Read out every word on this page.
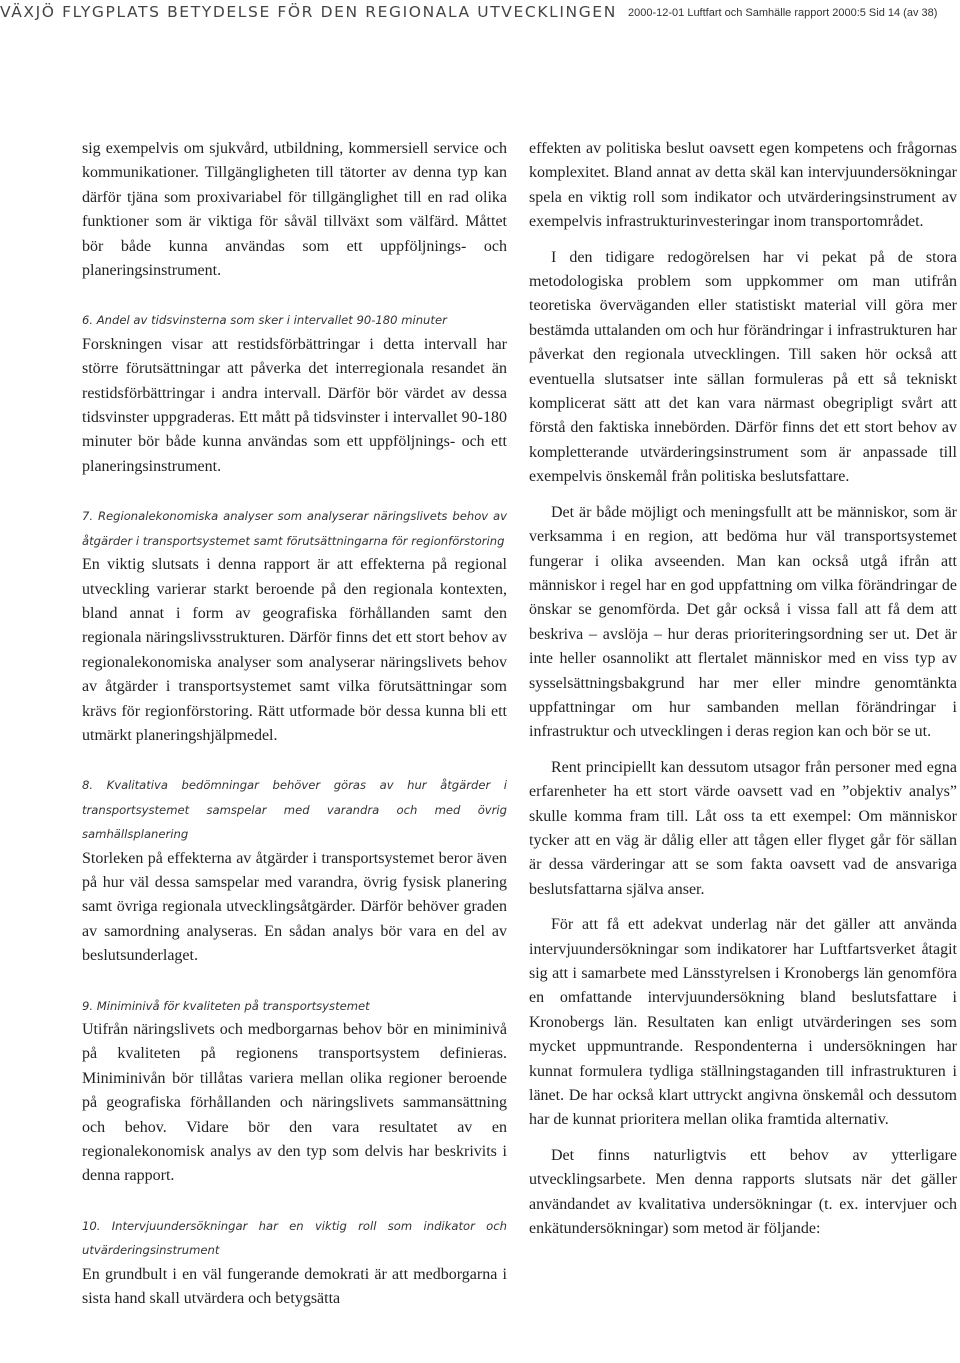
VÄXJÖ FLYGPLATS BETYDELSE FÖR DEN REGIONALA UTVECKLINGEN 2000-12-01 Luftfart och Samhälle rapport 2000:5 Sid 14 (av 38)

sig exempelvis om sjukvård, utbildning, kommersiell service och kommunikationer. Tillgängligheten till tätorter av denna typ kan därför tjäna som proxivariabel för tillgänglighet till en rad olika funktioner som är viktiga för såväl tillväxt som välfärd. Måttet bör både kunna användas som ett uppföljnings- och planeringsinstrument.

6. Andel av tidsvinsterna som sker i intervallet 90-180 minuter

Forskningen visar att restidsförbättringar i detta intervall har större förutsättningar att påverka det interregionala resandet än restidsförbättringar i andra intervall. Därför bör värdet av dessa tidsvinster uppgraderas. Ett mått på tidsvinster i intervallet 90-180 minuter bör både kunna användas som ett uppföljnings- och ett planeringsinstrument.

7. Regionalekonomiska analyser som analyserar näringslivets behov av åtgärder i transportsystemet samt förutsättningarna för regionförstoring

En viktig slutsats i denna rapport är att effekterna på regional utveckling varierar starkt beroende på den regionala kontexten, bland annat i form av geografiska förhållanden samt den regionala näringslivsstrukturen. Därför finns det ett stort behov av regionalekonomiska analyser som analyserar näringslivets behov av åtgärder i transportsystemet samt vilka förutsättningar som krävs för regionförstoring. Rätt utformade bör dessa kunna bli ett utmärkt planeringshjälpmedel.

8. Kvalitativa bedömningar behöver göras av hur åtgärder i transportsystemet samspelar med varandra och med övrig samhällsplanering

Storleken på effekterna av åtgärder i transportsystemet beror även på hur väl dessa samspelar med varandra, övrig fysisk planering samt övriga regionala utvecklingsåtgärder. Därför behöver graden av samordning analyseras. En sådan analys bör vara en del av beslutsunderlaget.

9. Miniminivå för kvaliteten på transportsystemet

Utifrån näringslivets och medborgarnas behov bör en miniminivå på kvaliteten på regionens transportsystem definieras. Miniminivån bör tillåtas variera mellan olika regioner beroende på geografiska förhållanden och näringslivets sammansättning och behov. Vidare bör den vara resultatet av en regionalekonomisk analys av den typ som delvis har beskrivits i denna rapport.

10. Intervjuundersökningar har en viktig roll som indikator och utvärderingsinstrument

En grundbult i en väl fungerande demokrati är att medborgarna i sista hand skall utvärdera och betygsätta

effekten av politiska beslut oavsett egen kompetens och frågornas komplexitet. Bland annat av detta skäl kan intervjuundersökningar spela en viktig roll som indikator och utvärderingsinstrument av exempelvis infrastrukturinvesteringar inom transportområdet.

I den tidigare redogörelsen har vi pekat på de stora metodologiska problem som uppkommer om man utifrån teoretiska överväganden eller statistiskt material vill göra mer bestämda uttalanden om och hur förändringar i infrastrukturen har påverkat den regionala utvecklingen. Till saken hör också att eventuella slutsatser inte sällan formuleras på ett så tekniskt komplicerat sätt att det kan vara närmast obegripligt svårt att förstå den faktiska innebörden. Därför finns det ett stort behov av kompletterande utvärderingsinstrument som är anpassade till exempelvis önskemål från politiska beslutsfattare.

Det är både möjligt och meningsfullt att be människor, som är verksamma i en region, att bedöma hur väl transportsystemet fungerar i olika avseenden. Man kan också utgå ifrån att människor i regel har en god uppfattning om vilka förändringar de önskar se genomförda. Det går också i vissa fall att få dem att beskriva – avslöja – hur deras prioriteringsordning ser ut. Det är inte heller osannolikt att flertalet människor med en viss typ av sysselsättningsbakgrund har mer eller mindre genomtänkta uppfattningar om hur sambanden mellan förändringar i infrastruktur och utvecklingen i deras region kan och bör se ut.

Rent principiellt kan dessutom utsagor från personer med egna erfarenheter ha ett stort värde oavsett vad en ”objektiv analys” skulle komma fram till. Låt oss ta ett exempel: Om människor tycker att en väg är dålig eller att tågen eller flyget går för sällan är dessa värderingar att se som fakta oavsett vad de ansvariga beslutsfattarna själva anser.

För att få ett adekvat underlag när det gäller att använda intervjuundersökningar som indikatorer har Luftfartsverket åtagit sig att i samarbete med Länsstyrelsen i Kronobergs län genomföra en omfattande intervjuundersökning bland beslutsfattare i Kronobergs län. Resultaten kan enligt utvärderingen ses som mycket uppmuntrande. Respondenterna i undersökningen har kunnat formulera tydliga ställningstaganden till infrastrukturen i länet. De har också klart uttryckt angivna önskemål och dessutom har de kunnat prioritera mellan olika framtida alternativ.

Det finns naturligtvis ett behov av ytterligare utvecklingsarbete. Men denna rapports slutsats när det gäller användandet av kvalitativa undersökningar (t. ex. intervjuer och enkätundersökningar) som metod är följande:
